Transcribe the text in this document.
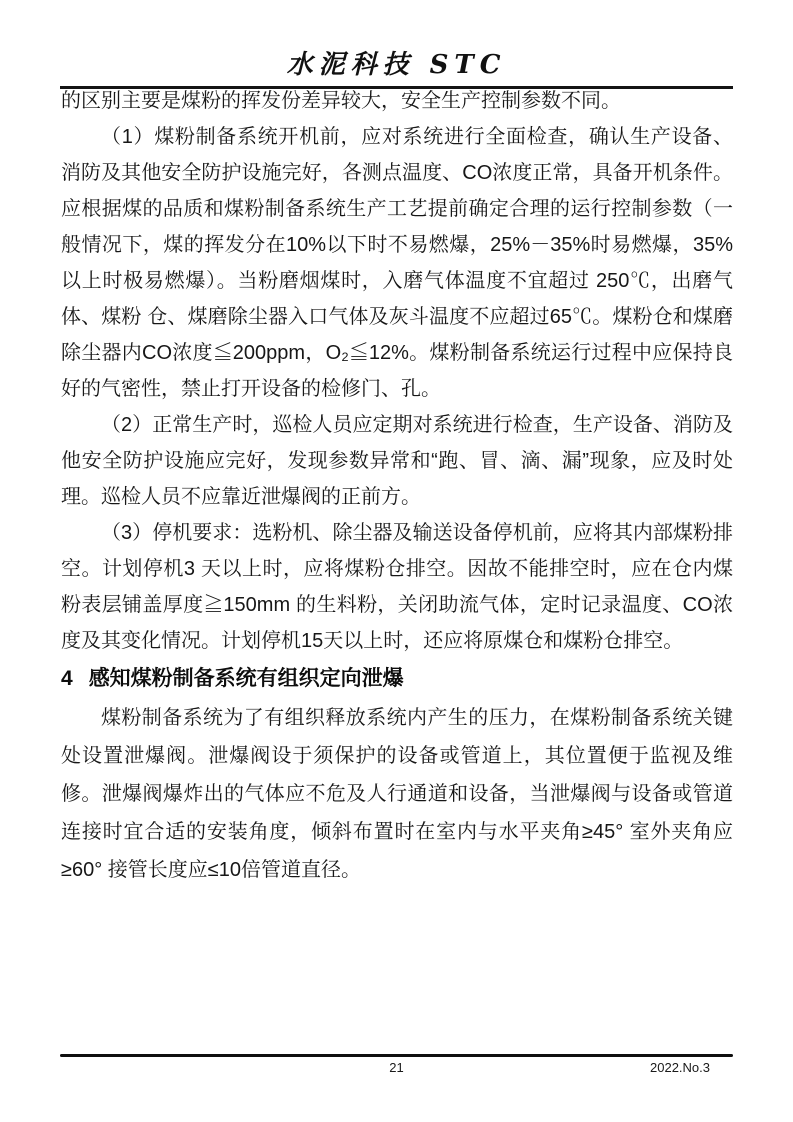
水泥科技 STC

的区别主要是煤粉的挥发份差异较大，安全生产控制参数不同。

（1）煤粉制备系统开机前，应对系统进行全面检查，确认生产设备、 消防及其他安全防护设施完好，各测点温度、CO浓度正常，具备开机条件。应根据煤的品质和煤粉制备系统生产工艺提前确定合理的运行控制参数（一般情况下，煤的挥发分在10%以下时不易燃爆，25%－35%时易燃爆，35%以上时极易燃爆）。当粉磨烟煤时，入磨气体温度不宜超过 250℃，出磨气体、煤粉 仓、煤磨除尘器入口气体及灰斗温度不应超过65℃。煤粉仓和煤磨除尘器内CO浓度≦200ppm，O₂≦12%。煤粉制备系统运行过程中应保持良好的气密性，禁止打开设备的检修门、孔。

（2）正常生产时，巡检人员应定期对系统进行检查，生产设备、消防及他安全防护设施应完好，发现参数异常和“跑、冒、滴、漏”现象，应及时处理。巡检人员不应靠近泄爆阀的正前方。

（3）停机要求：选粉机、除尘器及输送设备停机前，应将其内部煤粉排空。计划停机3 天以上时，应将煤粉仓排空。因故不能排空时，应在仓内煤粉表层铺盖厚度≧150mm 的生料粉，关闭助流气体，定时记录温度、CO浓度及其变化情况。计划停机15天以上时，还应将原煤仓和煤粉仓排空。

4 感知煤粉制备系统有组织定向泄爆

煤粉制备系统为了有组织释放系统内产生的压力，在煤粉制备系统关键处设置泄爆阀。泄爆阀设于须保护的设备或管道上，其位置便于监视及维修。泄爆阀爆炸出的气体应不危及人行通道和设备，当泄爆阀与设备或管道连接时宜合适的安装角度，倾斜布置时在室内与水平夹角≥45° 室外夹角应≥60° 接管长度应≤10倍管道直径。

21	2022.No.3
